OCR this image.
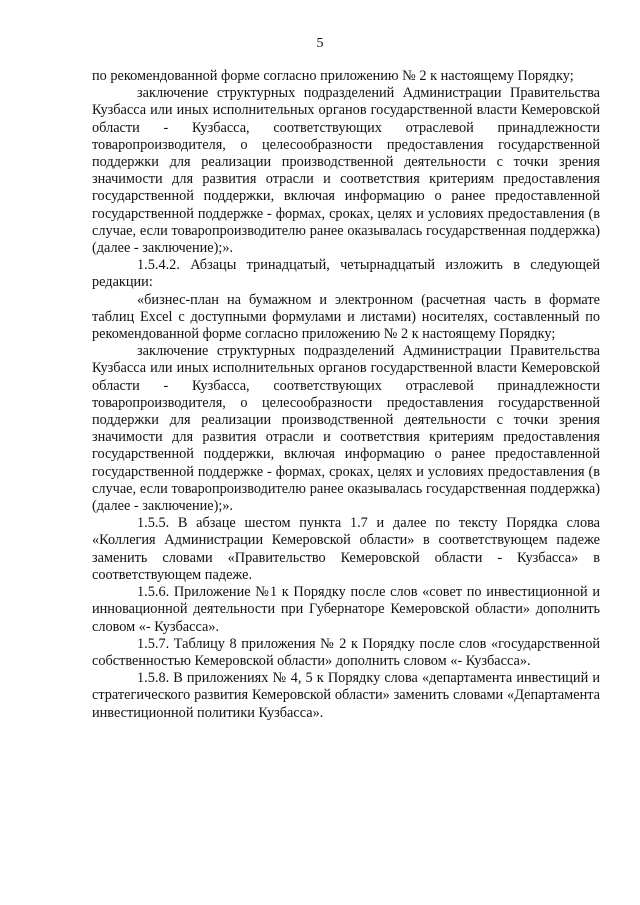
5

по рекомендованной форме согласно приложению № 2 к настоящему Порядку;

заключение структурных подразделений Администрации Правительства Кузбасса или иных исполнительных органов государственной власти Кемеровской области - Кузбасса, соответствующих отраслевой принадлежности товаропроизводителя, о целесообразности предоставления государственной поддержки для реализации производственной деятельности с точки зрения значимости для развития отрасли и соответствия критериям предоставления государственной поддержки, включая информацию о ранее предоставленной государственной поддержке - формах, сроках, целях и условиях предоставления (в случае, если товаропроизводителю ранее оказывалась государственная поддержка) (далее - заключение);».

1.5.4.2. Абзацы тринадцатый, четырнадцатый изложить в следующей редакции:

«бизнес-план на бумажном и электронном (расчетная часть в формате таблиц Excel с доступными формулами и листами) носителях, составленный по рекомендованной форме согласно приложению № 2 к настоящему Порядку;

заключение структурных подразделений Администрации Правительства Кузбасса или иных исполнительных органов государственной власти Кемеровской области - Кузбасса, соответствующих отраслевой принадлежности товаропроизводителя, о целесообразности предоставления государственной поддержки для реализации производственной деятельности с точки зрения значимости для развития отрасли и соответствия критериям предоставления государственной поддержки, включая информацию о ранее предоставленной государственной поддержке - формах, сроках, целях и условиях предоставления (в случае, если товаропроизводителю ранее оказывалась государственная поддержка) (далее - заключение);».

1.5.5. В абзаце шестом пункта 1.7 и далее по тексту Порядка слова «Коллегия Администрации Кемеровской области» в соответствующем падеже заменить словами «Правительство Кемеровской области - Кузбасса» в соответствующем падеже.

1.5.6. Приложение №1 к Порядку после слов «совет по инвестиционной и инновационной деятельности при Губернаторе Кемеровской области» дополнить словом «- Кузбасса».

1.5.7. Таблицу 8 приложения № 2 к Порядку после слов «государственной собственностью Кемеровской области» дополнить словом «- Кузбасса».

1.5.8. В приложениях № 4, 5 к Порядку слова «департамента инвестиций и стратегического развития Кемеровской области» заменить словами «Департамента инвестиционной политики Кузбасса».
